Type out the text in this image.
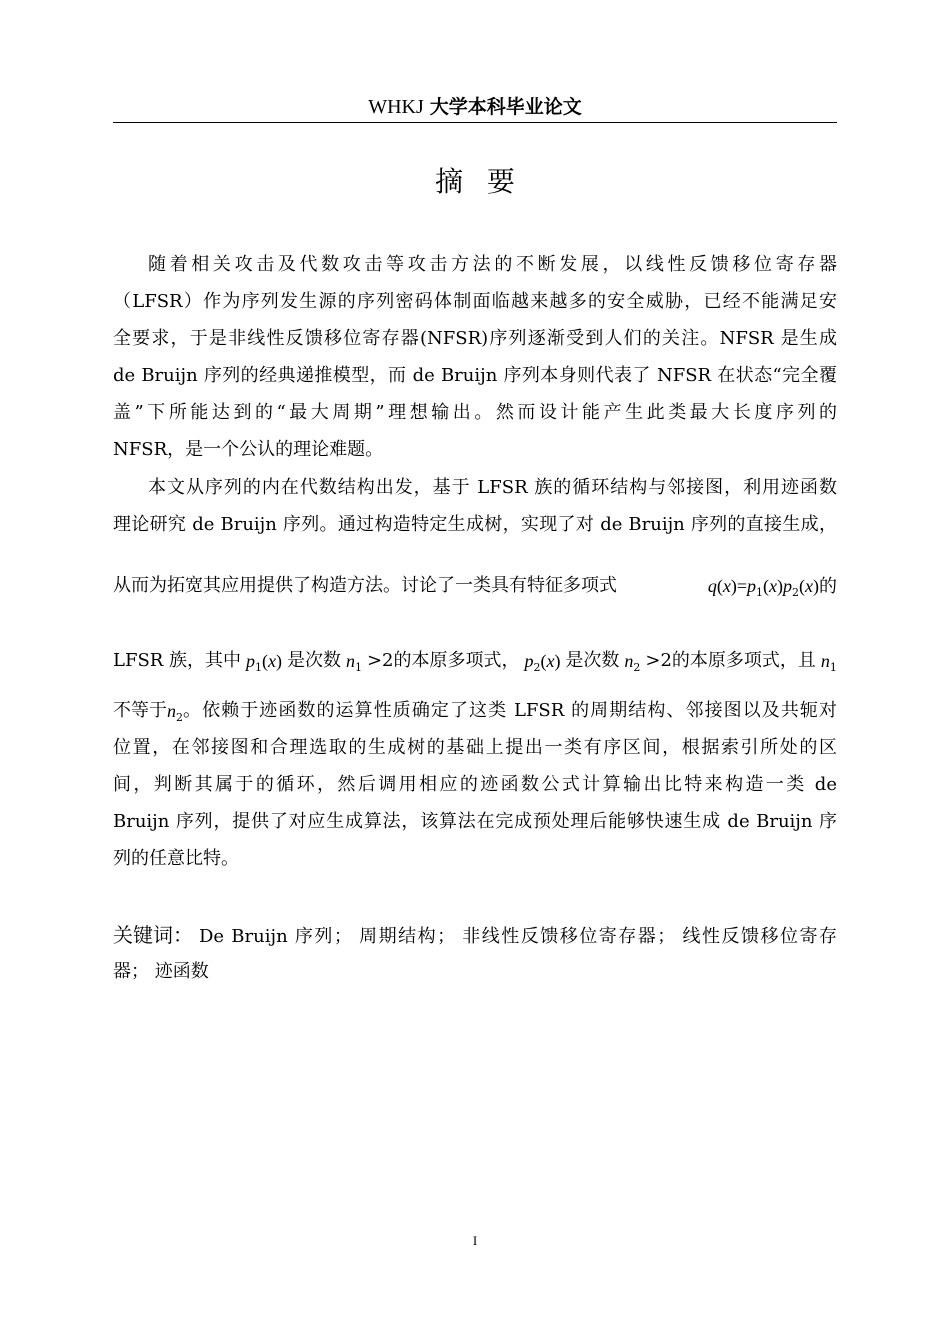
WHKJ 大学本科毕业论文
摘要
随着相关攻击及代数攻击等攻击方法的不断发展，以线性反馈移位寄存器
（LFSR）作为序列发生源的序列密码体制面临越来越多的安全威胁，已经不能满足安
全要求，于是非线性反馈移位寄存器(NFSR)序列逐渐受到人们的关注。NFSR 是生成
de Bruijn 序列的经典递推模型，而 de Bruijn 序列本身则代表了 NFSR 在状态“完全覆
盖”下所能达到的“最大周期”理想输出。然而设计能产生此类最大长度序列的
NFSR，是一个公认的理论难题。
本文从序列的内在代数结构出发，基于 LFSR 族的循环结构与邻接图，利用迹函数
理论研究 de Bruijn 序列。通过构造特定生成树，实现了对 de Bruijn 序列的直接生成，
从而为拓宽其应用提供了构造方法。讨论了一类具有特征多项式	$q(x)=p_1(x)p_2(x)$的
LFSR 族，其中 $p_1(x)$ 是次数 $n_1 >2$的本原多项式， $p_2(x)$ 是次数 $n_2 >2$的本原多项式，且 $n_1$
不等于 $n_2$ 。依赖于迹函数的运算性质确定了这类 LFSR 的周期结构、邻接图以及共轭对
位置，在邻接图和合理选取的生成树的基础上提出一类有序区间，根据索引所处的区
间，判断其属于的循环，然后调用相应的迹函数公式计算输出比特来构造一类 de
Bruijn 序列，提供了对应生成算法，该算法在完成预处理后能够快速生成 de Bruijn 序
列的任意比特。
关键词： De Bruijn 序列； 周期结构； 非线性反馈移位寄存器； 线性反馈移位寄存
器； 迹函数
I
